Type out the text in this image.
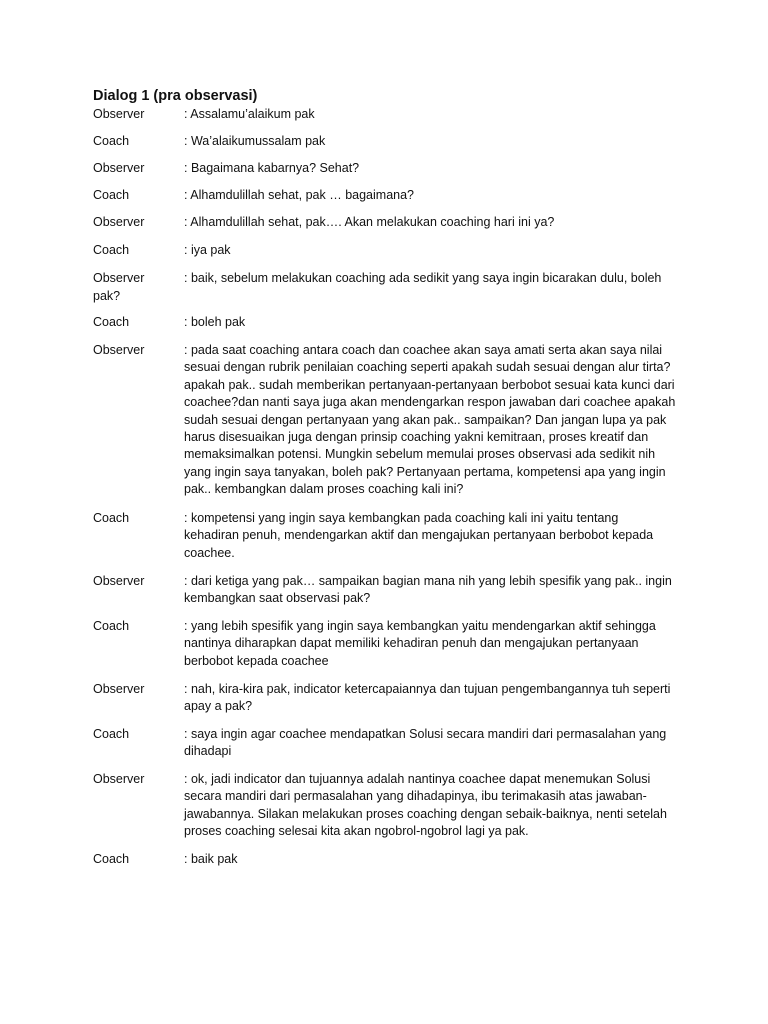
Dialog 1 (pra observasi)
Observer	: Assalamu’alaikum pak
Coach	: Wa’alaikumussalam pak
Observer	: Bagaimana kabarnya? Sehat?
Coach	: Alhamdulillah sehat, pak … bagaimana?
Observer	: Alhamdulillah sehat, pak…. Akan melakukan coaching hari ini ya?
Coach	: iya pak
Observer	: baik, sebelum melakukan coaching ada sedikit yang saya ingin bicarakan dulu, boleh
pak?
Coach	: boleh pak
Observer	: pada saat coaching antara coach dan coachee akan saya amati serta akan saya nilai sesuai dengan rubrik penilaian coaching seperti apakah sudah sesuai dengan alur tirta?apakah pak.. sudah memberikan pertanyaan-pertanyaan berbobot sesuai kata kunci dari coachee?dan nanti saya juga akan mendengarkan respon jawaban dari coachee apakah sudah sesuai dengan pertanyaan yang akan pak.. sampaikan? Dan jangan lupa ya pak harus disesuaikan juga dengan prinsip coaching yakni kemitraan, proses kreatif dan memaksimalkan potensi. Mungkin sebelum memulai proses observasi ada sedikit nih yang ingin saya tanyakan, boleh pak? Pertanyaan pertama, kompetensi apa yang ingin pak.. kembangkan dalam proses coaching kali ini?
Coach	: kompetensi yang ingin saya kembangkan pada coaching kali ini yaitu tentang kehadiran penuh, mendengarkan aktif dan mengajukan pertanyaan berbobot kepada coachee.
Observer	: dari ketiga yang pak… sampaikan bagian mana nih yang lebih spesifik yang pak.. ingin kembangkan saat observasi pak?
Coach	: yang lebih spesifik yang ingin saya kembangkan yaitu mendengarkan aktif sehingga nantinya diharapkan dapat memiliki kehadiran penuh dan mengajukan pertanyaan berbobot kepada coachee
Observer	: nah, kira-kira pak, indicator ketercapaiannya dan tujuan pengembangannya tuh seperti apay a pak?
Coach	: saya ingin agar coachee mendapatkan Solusi secara mandiri dari permasalahan yang dihadapi
Observer	: ok, jadi indicator dan tujuannya adalah nantinya coachee dapat menemukan Solusi secara mandiri dari permasalahan yang dihadapinya, ibu terimakasih atas jawaban-jawabannya. Silakan melakukan proses coaching dengan sebaik-baiknya, nenti setelah proses coaching selesai kita akan ngobrol-ngobrol lagi ya pak.
Coach	: baik pak
